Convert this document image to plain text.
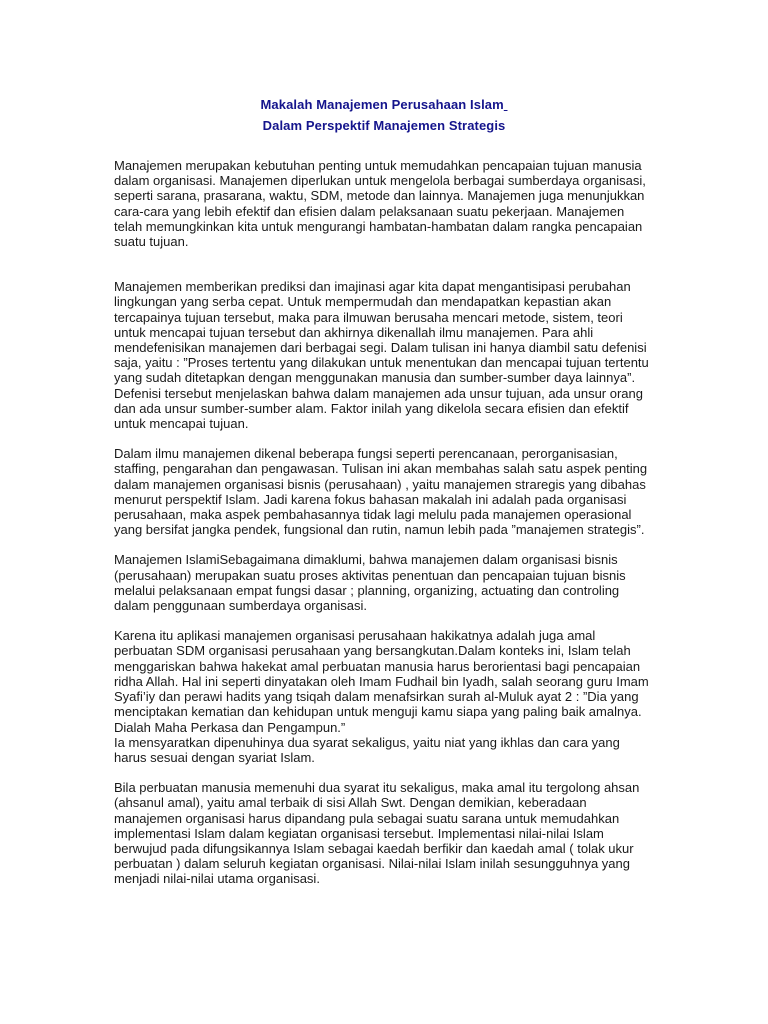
Makalah Manajemen Perusahaan Islam
Dalam Perspektif Manajemen Strategis

Manajemen merupakan kebutuhan penting untuk memudahkan pencapaian tujuan manusia dalam organisasi. Manajemen diperlukan untuk mengelola berbagai sumberdaya organisasi, seperti sarana, prasarana, waktu, SDM, metode dan lainnya. Manajemen juga menunjukkan cara-cara yang lebih efektif dan efisien dalam pelaksanaan suatu pekerjaan. Manajemen telah memungkinkan kita untuk mengurangi hambatan-hambatan dalam rangka pencapaian suatu tujuan.

Manajemen memberikan prediksi dan imajinasi agar kita dapat mengantisipasi perubahan lingkungan yang serba cepat. Untuk mempermudah dan mendapatkan kepastian akan tercapainya tujuan tersebut, maka para ilmuwan berusaha mencari metode, sistem, teori untuk mencapai tujuan tersebut dan akhirnya dikenallah ilmu manajemen. Para ahli mendefenisikan manajemen dari berbagai segi. Dalam tulisan ini hanya diambil satu defenisi saja, yaitu : ”Proses tertentu yang dilakukan untuk menentukan dan mencapai tujuan tertentu yang sudah ditetapkan dengan menggunakan manusia dan sumber-sumber daya lainnya”. Defenisi tersebut menjelaskan bahwa dalam manajemen ada unsur tujuan, ada unsur orang dan ada unsur sumber-sumber alam. Faktor inilah yang dikelola secara efisien dan efektif untuk mencapai tujuan.

Dalam ilmu manajemen dikenal beberapa fungsi seperti perencanaan, perorganisasian, staffing, pengarahan dan pengawasan. Tulisan ini akan membahas salah satu aspek penting dalam manajemen organisasi bisnis (perusahaan) , yaitu manajemen straregis yang dibahas menurut perspektif Islam. Jadi karena fokus bahasan makalah ini adalah pada organisasi perusahaan, maka aspek pembahasannya tidak lagi melulu pada manajemen operasional yang bersifat jangka pendek, fungsional dan rutin, namun lebih pada ”manajemen strategis”.

Manajemen IslamiSebagaimana dimaklumi, bahwa manajemen dalam organisasi bisnis (perusahaan) merupakan suatu proses aktivitas penentuan dan pencapaian tujuan bisnis melalui pelaksanaan empat fungsi dasar ; planning, organizing, actuating dan controling dalam penggunaan sumberdaya organisasi.

Karena itu aplikasi manajemen organisasi perusahaan hakikatnya adalah juga amal perbuatan SDM organisasi perusahaan yang bersangkutan.Dalam konteks ini, Islam telah menggariskan bahwa hakekat amal perbuatan manusia harus berorientasi bagi pencapaian ridha Allah. Hal ini seperti dinyatakan oleh Imam Fudhail bin Iyadh, salah seorang guru Imam Syafi’iy dan perawi hadits yang tsiqah dalam menafsirkan surah al-Muluk ayat 2 : ”Dia yang menciptakan kematian dan kehidupan untuk menguji kamu siapa yang paling baik amalnya. Dialah Maha Perkasa dan Pengampun.”

Ia mensyaratkan dipenuhinya dua syarat sekaligus, yaitu niat yang ikhlas dan cara yang harus sesuai dengan syariat Islam.

Bila perbuatan manusia memenuhi dua syarat itu sekaligus, maka amal itu tergolong ahsan (ahsanul amal), yaitu amal terbaik di sisi Allah Swt. Dengan demikian, keberadaan manajemen organisasi harus dipandang pula sebagai suatu sarana untuk memudahkan implementasi Islam dalam kegiatan organisasi tersebut. Implementasi nilai-nilai Islam berwujud pada difungsikannya Islam sebagai kaedah berfikir dan kaedah amal ( tolak ukur perbuatan ) dalam seluruh kegiatan organisasi. Nilai-nilai Islam inilah sesungguhnya yang menjadi nilai-nilai utama organisasi.
